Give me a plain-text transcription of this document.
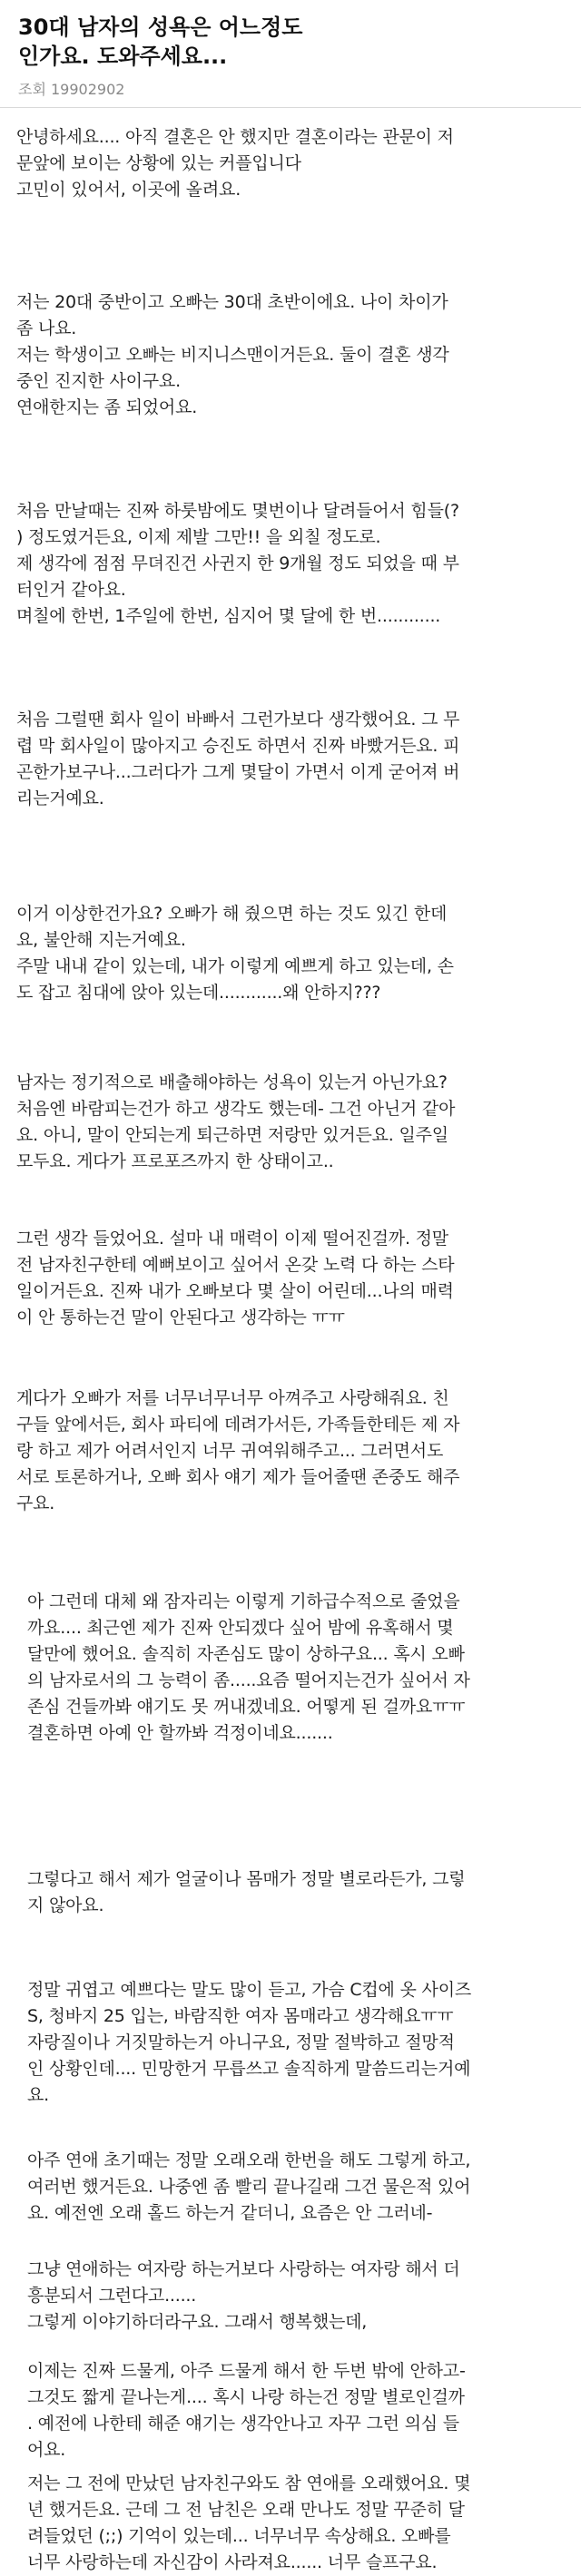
30대 남자의 성욕은 어느정도
인가요. 도와주세요...
조회 19902902
안녕하세요.... 아직 결혼은 안 했지만 결혼이라는 관문이 저
문앞에 보이는 상황에 있는 커플입니다
고민이 있어서, 이곳에 올려요.
저는 20대 중반이고 오빠는 30대 초반이에요. 나이 차이가
좀 나요.
저는 학생이고 오빠는 비지니스맨이거든요. 둘이 결혼 생각
중인 진지한 사이구요.
연애한지는 좀 되었어요.
처음 만날때는 진짜 하룻밤에도 몇번이나 달려들어서 힘들(?
) 정도였거든요, 이제 제발 그만!! 을 외칠 정도로.
제 생각에 점점 무뎌진건 사귄지 한 9개월 정도 되었을 때 부
터인거 같아요.
며칠에 한번, 1주일에 한번, 심지어 몇 달에 한 번............
처음 그럴땐 회사 일이 바빠서 그런가보다 생각했어요. 그 무
렵 막 회사일이 많아지고 승진도 하면서 진짜 바빴거든요. 피
곤한가보구나...그러다가 그게 몇달이 가면서 이게 굳어져 버
리는거예요.
이거 이상한건가요? 오빠가 해 줬으면 하는 것도 있긴 한데
요, 불안해 지는거예요.
주말 내내 같이 있는데, 내가 이렇게 예쁘게 하고 있는데, 손
도 잡고 침대에 앉아 있는데............왜 안하지???
남자는 정기적으로 배출해야하는 성욕이 있는거 아닌가요?
처음엔 바람피는건가 하고 생각도 했는데- 그건 아닌거 같아
요. 아니, 말이 안되는게 퇴근하면 저랑만 있거든요. 일주일
모두요. 게다가 프로포즈까지 한 상태이고..
그런 생각 들었어요. 설마 내 매력이 이제 떨어진걸까. 정말
전 남자친구한테 예뻐보이고 싶어서 온갖 노력 다 하는 스타
일이거든요. 진짜 내가 오빠보다 몇 살이 어린데...나의 매력
이 안 통하는건 말이 안된다고 생각하는 ㅠㅠ
게다가 오빠가 저를 너무너무너무 아껴주고 사랑해줘요. 친
구들 앞에서든, 회사 파티에 데려가서든, 가족들한테든 제 자
랑 하고 제가 어려서인지 너무 귀여워해주고... 그러면서도
서로 토론하거나, 오빠 회사 얘기 제가 들어줄땐 존중도 해주
구요.
아 그런데 대체 왜 잠자리는 이렇게 기하급수적으로 줄었을
까요.... 최근엔 제가 진짜 안되겠다 싶어 밤에 유혹해서 몇
달만에 했어요. 솔직히 자존심도 많이 상하구요... 혹시 오빠
의 남자로서의 그 능력이 좀.....요즘 떨어지는건가 싶어서 자
존심 건들까봐 얘기도 못 꺼내겠네요. 어떻게 된 걸까요ㅠㅠ
결혼하면 아예 안 할까봐 걱정이네요.......
그렇다고 해서 제가 얼굴이나 몸매가 정말 별로라든가, 그렇
지 않아요.
정말 귀엽고 예쁘다는 말도 많이 듣고, 가슴 C컵에 옷 사이즈
S, 청바지 25 입는, 바람직한 여자 몸매라고 생각해요ㅠㅠ
자랑질이나 거짓말하는거 아니구요, 정말 절박하고 절망적
인 상황인데.... 민망한거 무릅쓰고 솔직하게 말씀드리는거예
요.
아주 연애 초기때는 정말 오래오래 한번을 해도 그렇게 하고,
여러번 했거든요. 나중엔 좀 빨리 끝나길래 그건 물은적 있어
요. 예전엔 오래 홀드 하는거 같더니, 요즘은 안 그러네-
그냥 연애하는 여자랑 하는거보다 사랑하는 여자랑 해서 더
흥분되서 그런다고......
그렇게 이야기하더라구요. 그래서 행복했는데,
이제는 진짜 드물게, 아주 드물게 해서 한 두번 밖에 안하고-
그것도 짧게 끝나는게.... 혹시 나랑 하는건 정말 별로인걸까
. 예전에 나한테 해준 얘기는 생각안나고 자꾸 그런 의심 들
어요.
저는 그 전에 만났던 남자친구와도 참 연애를 오래했어요. 몇
년 했거든요. 근데 그 전 남친은 오래 만나도 정말 꾸준히 달
려들었던 (;;) 기억이 있는데... 너무너무 속상해요. 오빠를
너무 사랑하는데 자신감이 사라져요...... 너무 슬프구요.
